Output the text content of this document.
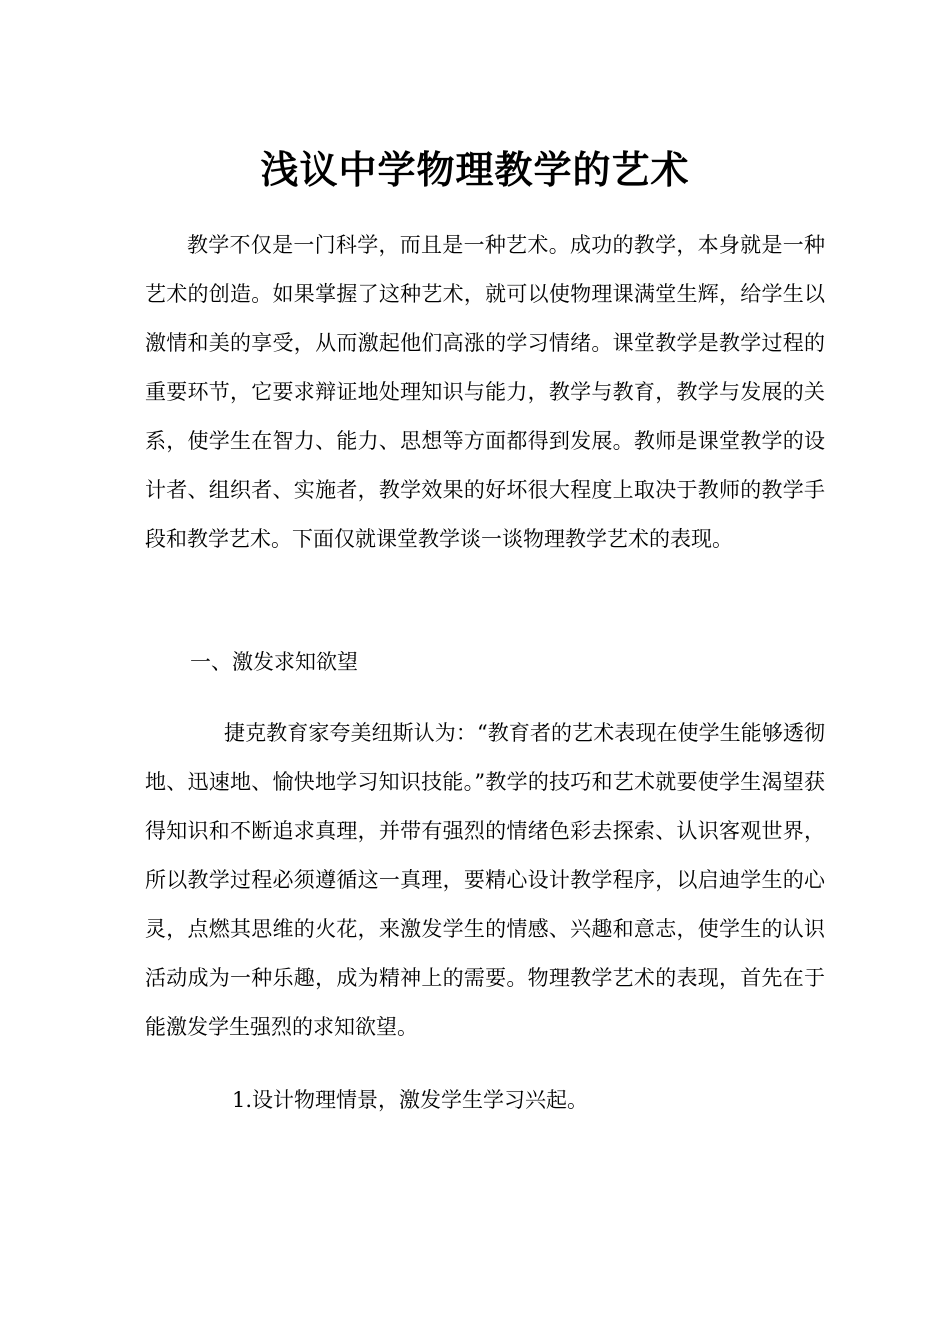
浅议中学物理教学的艺术

教学不仅是一门科学，而且是一种艺术。成功的教学，本身就是一种艺术的创造。如果掌握了这种艺术，就可以使物理课满堂生辉，给学生以激情和美的享受，从而激起他们高涨的学习情绪。课堂教学是教学过程的重要环节，它要求辩证地处理知识与能力，教学与教育，教学与发展的关系，使学生在智力、能力、思想等方面都得到发展。教师是课堂教学的设计者、组织者、实施者，教学效果的好坏很大程度上取决于教师的教学手段和教学艺术。下面仅就课堂教学谈一谈物理教学艺术的表现。

一、激发求知欲望

捷克教育家夸美纽斯认为：“教育者的艺术表现在使学生能够透彻地、迅速地、愉快地学习知识技能。”教学的技巧和艺术就要使学生渴望获得知识和不断追求真理，并带有强烈的情绪色彩去探索、认识客观世界，所以教学过程必须遵循这一真理，要精心设计教学程序，以启迪学生的心灵，点燃其思维的火花，来激发学生的情感、兴趣和意志，使学生的认识活动成为一种乐趣，成为精神上的需要。物理教学艺术的表现，首先在于能激发学生强烈的求知欲望。

1.设计物理情景，激发学生学习兴起。
